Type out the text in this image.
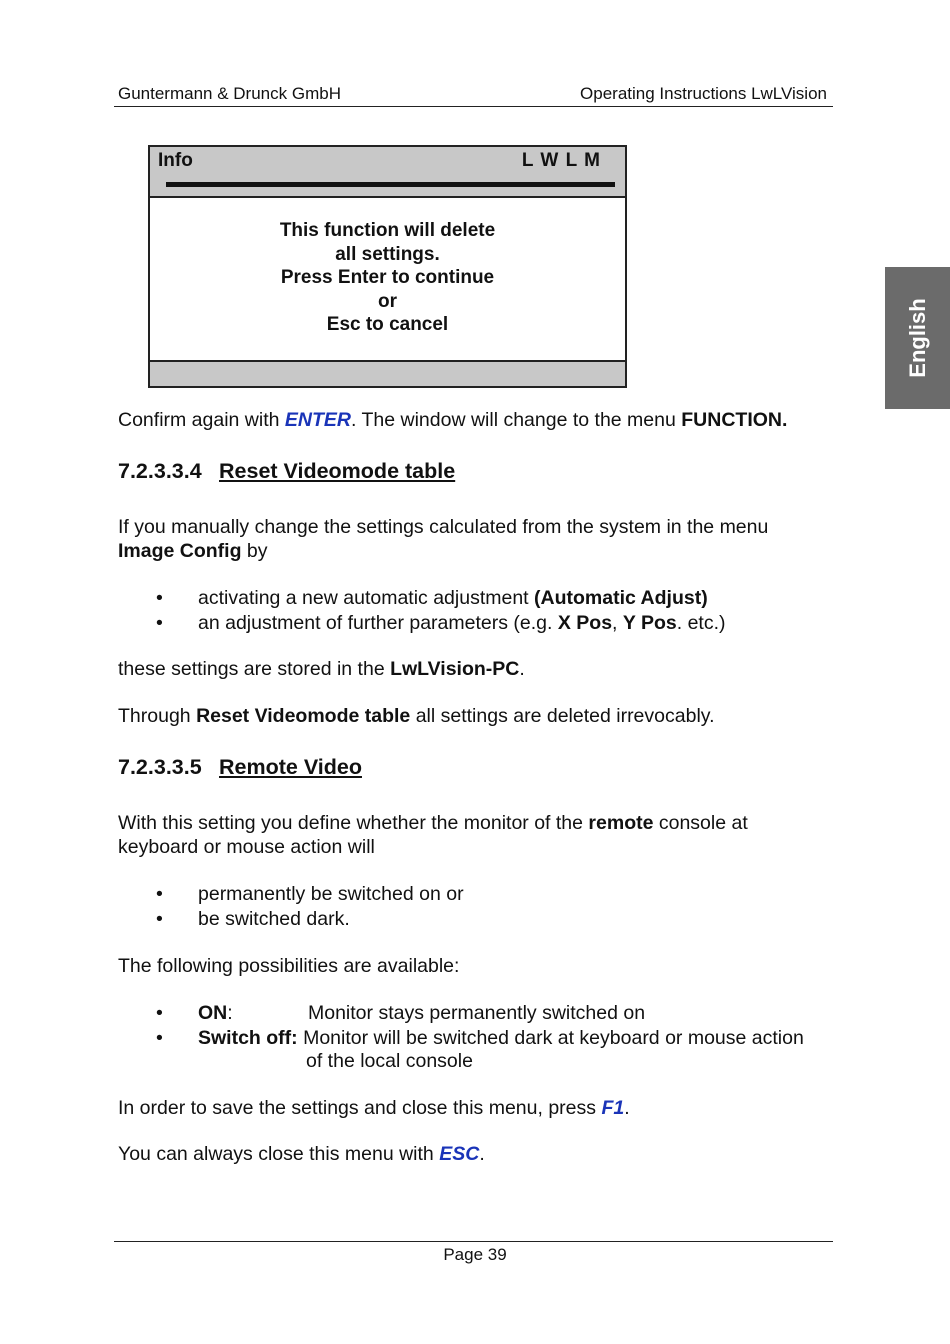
Guntermann & Drunck GmbH	Operating Instructions LwLVision
English
Info	L W L M
This function will delete
all settings.
Press Enter to continue
or
Esc to cancel
Confirm again with ENTER. The window will change to the menu FUNCTION.
7.2.3.3.4 Reset Videomode table
If you manually change the settings calculated from the system in the menu
Image Config by
• activating a new automatic adjustment (Automatic Adjust)
• an adjustment of further parameters (e.g. X Pos, Y Pos. etc.)
these settings are stored in the LwLVision-PC.
Through Reset Videomode table all settings are deleted irrevocably.
7.2.3.3.5 Remote Video
With this setting you define whether the monitor of the remote console at
keyboard or mouse action will
• permanently be switched on or
• be switched dark.
The following possibilities are available:
• ON:	Monitor stays permanently switched on
• Switch off: Monitor will be switched dark at keyboard or mouse action
of the local console
In order to save the settings and close this menu, press F1.
You can always close this menu with ESC.
Page 39
